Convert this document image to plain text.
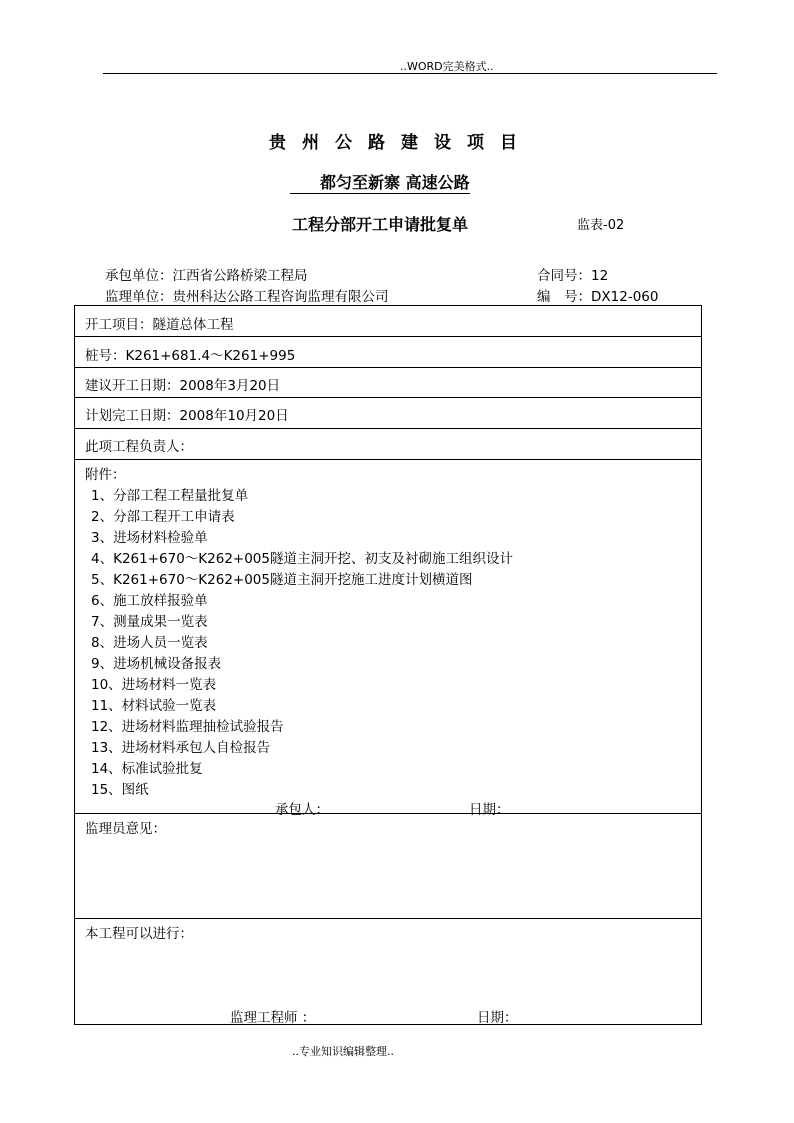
..WORD完美格式..
贵州公路建设项目
都匀至新寨 高速公路
工程分部开工申请批复单	监表-02
承包单位：江西省公路桥梁工程局	合同号：12
监理单位：贵州科达公路工程咨询监理有限公司	编　号：DX12-060
开工项目：隧道总体工程
桩号：K261+681.4～K261+995
建议开工日期：2008年3月20日
计划完工日期：2008年10月20日
此项工程负责人：
附件：
1、分部工程工程量批复单
2、分部工程开工申请表
3、进场材料检验单
4、K261+670～K262+005隧道主洞开挖、初支及衬砌施工组织设计
5、K261+670～K262+005隧道主洞开挖施工进度计划横道图
6、施工放样报验单
7、测量成果一览表
8、进场人员一览表
9、进场机械设备报表
10、进场材料一览表
11、材料试验一览表
12、进场材料监理抽检试验报告
13、进场材料承包人自检报告
14、标准试验批复
15、图纸
承包人：	日期：
监理员意见：
本工程可以进行：
监理工程师 ：	日期：
..专业知识编辑整理..
